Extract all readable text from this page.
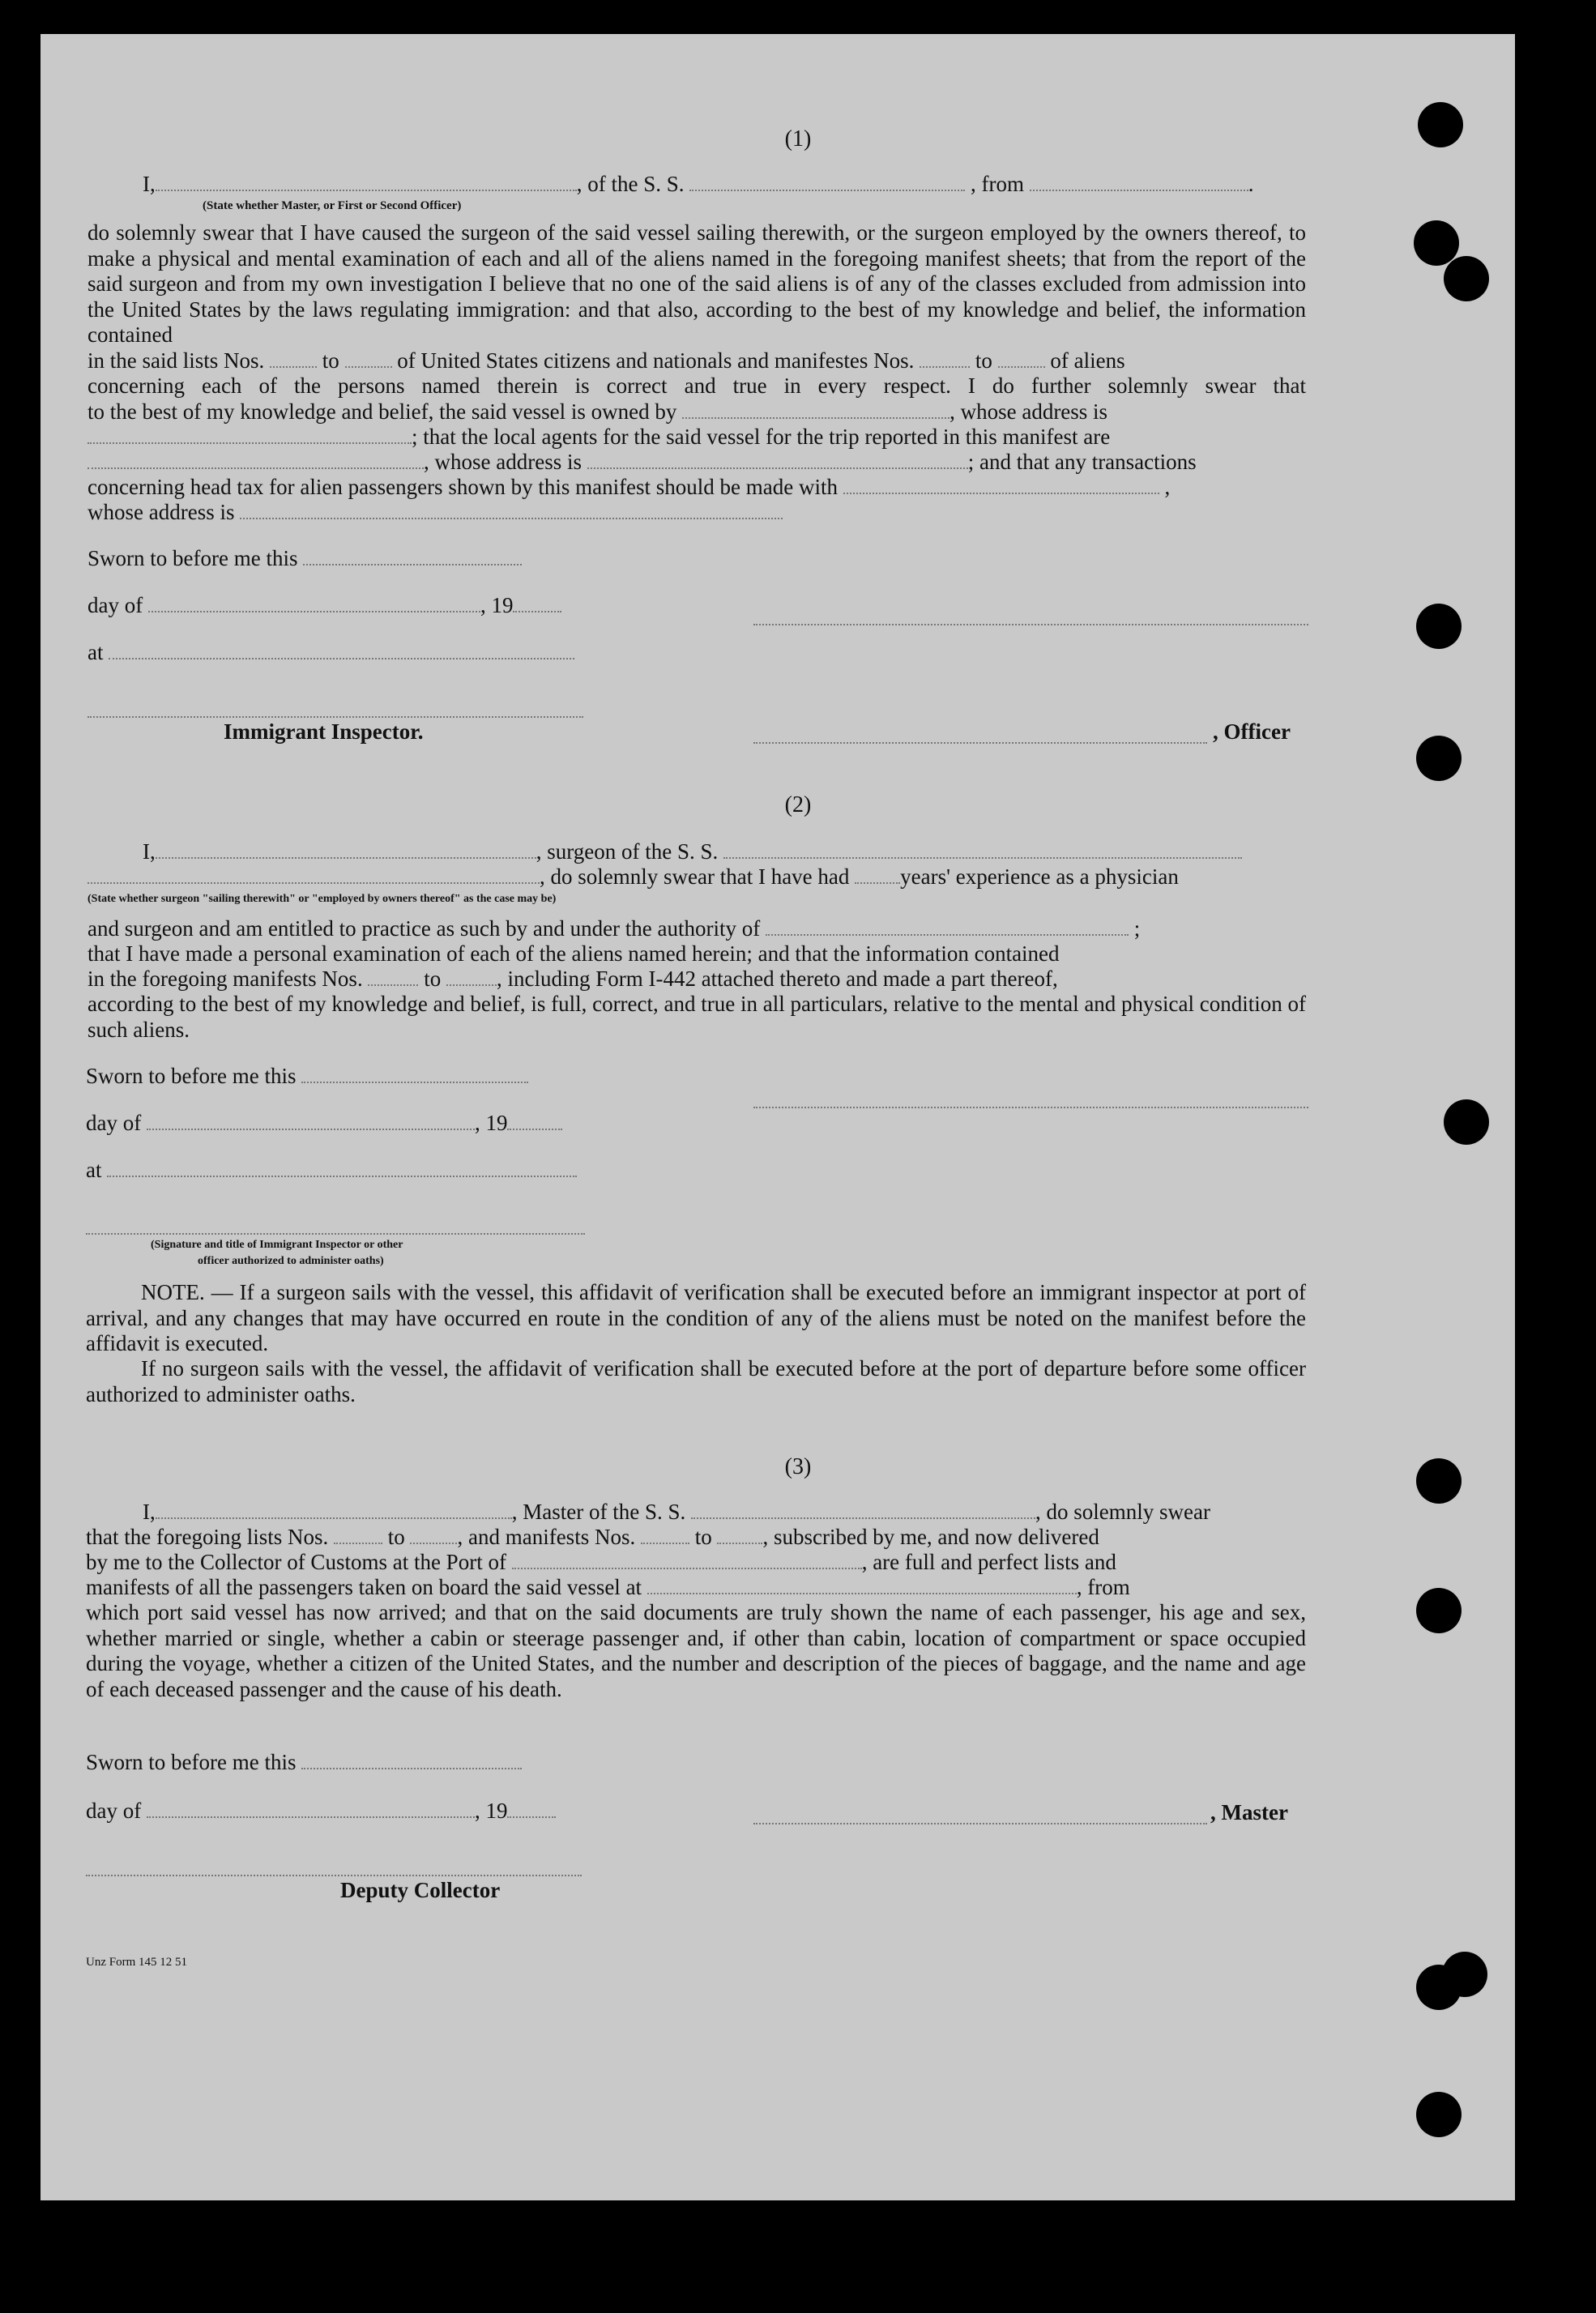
(1)
I,	, of the S. S.	, from	.
(State whether Master, or First or Second Officer)
do solemnly swear that I have caused the surgeon of the said vessel sailing therewith, or the surgeon employed by the owners thereof, to make a physical and mental examination of each and all of the aliens named in the foregoing manifest sheets; that from the report of the said surgeon and from my own investigation I believe that no one of the said aliens is of any of the classes excluded from admission into the United States by the laws regulating immigration: and that also, according to the best of my knowledge and belief, the information contained
in the said lists Nos.	to	of United States citizens and nationals and manifestes Nos.	to	of aliens
concerning each of the persons named therein is correct and true in every respect. I do further solemnly swear that
to the best of my knowledge and belief, the said vessel is owned by	, whose address is
; that the local agents for the said vessel for the trip reported in this manifest are
, whose address is	; and that any transactions
concerning head tax for alien passengers shown by this manifest should be made with	,
whose address is
Sworn to before me this
day of	, 19
at
Immigrant Inspector.	, Officer
(2)
I,	, surgeon of the S. S.
, do solemnly swear that I have had years' experience as a physician
(State whether surgeon "sailing therewith" or "employed by owners thereof" as the case may be)
and surgeon and am entitled to practice as such by and under the authority of	;
that I have made a personal examination of each of the aliens named herein; and that the information contained
in the foregoing manifests Nos.	to	, including Form I-442 attached thereto and made a part thereof,
according to the best of my knowledge and belief, is full, correct, and true in all particulars, relative to the mental and physical condition of such aliens.
Sworn to before me this
day of	, 19
at
(Signature and title of Immigrant Inspector or other
officer authorized to administer oaths)
NOTE. — If a surgeon sails with the vessel, this affidavit of verification shall be executed before an immigrant inspector at port of arrival, and any changes that may have occurred en route in the condition of any of the aliens must be noted on the manifest before the affidavit is executed.
If no surgeon sails with the vessel, the affidavit of verification shall be executed before at the port of departure before some officer authorized to administer oaths.
(3)
I,	, Master of the S. S.	, do solemnly swear
that the foregoing lists Nos.	to , and manifests Nos.	to , subscribed by me, and now delivered
by me to the Collector of Customs at the Port of	, are full and perfect lists and
manifests of all the passengers taken on board the said vessel at	, from
which port said vessel has now arrived; and that on the said documents are truly shown the name of each passenger, his age and sex, whether married or single, whether a cabin or steerage passenger and, if other than cabin, location of compartment or space occupied during the voyage, whether a citizen of the United States, and the number and description of the pieces of baggage, and the name and age of each deceased passenger and the cause of his death.
Sworn to before me this
day of	, 19	, Master
Deputy Collector
Unz Form 145 12 51
